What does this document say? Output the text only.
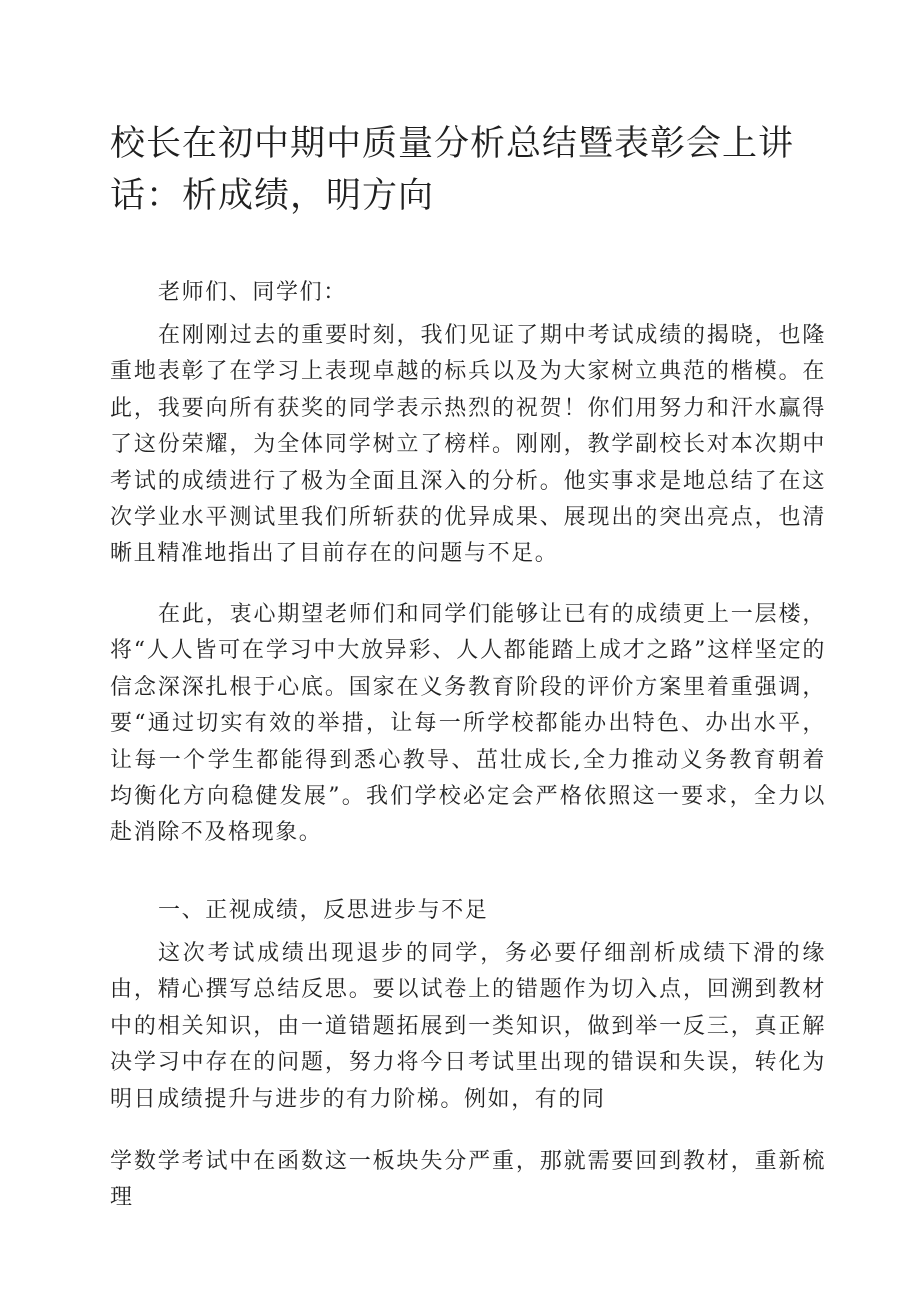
校长在初中期中质量分析总结暨表彰会上讲话：析成绩，明方向

老师们、同学们：

在刚刚过去的重要时刻，我们见证了期中考试成绩的揭晓，也隆重地表彰了在学习上表现卓越的标兵以及为大家树立典范的楷模。在此，我要向所有获奖的同学表示热烈的祝贺！你们用努力和汗水赢得了这份荣耀，为全体同学树立了榜样。刚刚，教学副校长对本次期中考试的成绩进行了极为全面且深入的分析。他实事求是地总结了在这次学业水平测试里我们所斩获的优异成果、展现出的突出亮点，也清晰且精准地指出了目前存在的问题与不足。

在此，衷心期望老师们和同学们能够让已有的成绩更上一层楼，将“人人皆可在学习中大放异彩、人人都能踏上成才之路”这样坚定的信念深深扎根于心底。国家在义务教育阶段的评价方案里着重强调，要“通过切实有效的举措，让每一所学校都能办出特色、办出水平，让每一个学生都能得到悉心教导、茁壮成长,全力推动义务教育朝着均衡化方向稳健发展”。我们学校必定会严格依照这一要求，全力以赴消除不及格现象。

一、正视成绩，反思进步与不足

这次考试成绩出现退步的同学，务必要仔细剖析成绩下滑的缘由，精心撰写总结反思。要以试卷上的错题作为切入点，回溯到教材中的相关知识，由一道错题拓展到一类知识，做到举一反三，真正解决学习中存在的问题，努力将今日考试里出现的错误和失误，转化为明日成绩提升与进步的有力阶梯。例如，有的同

学数学考试中在函数这一板块失分严重，那就需要回到教材，重新梳理
